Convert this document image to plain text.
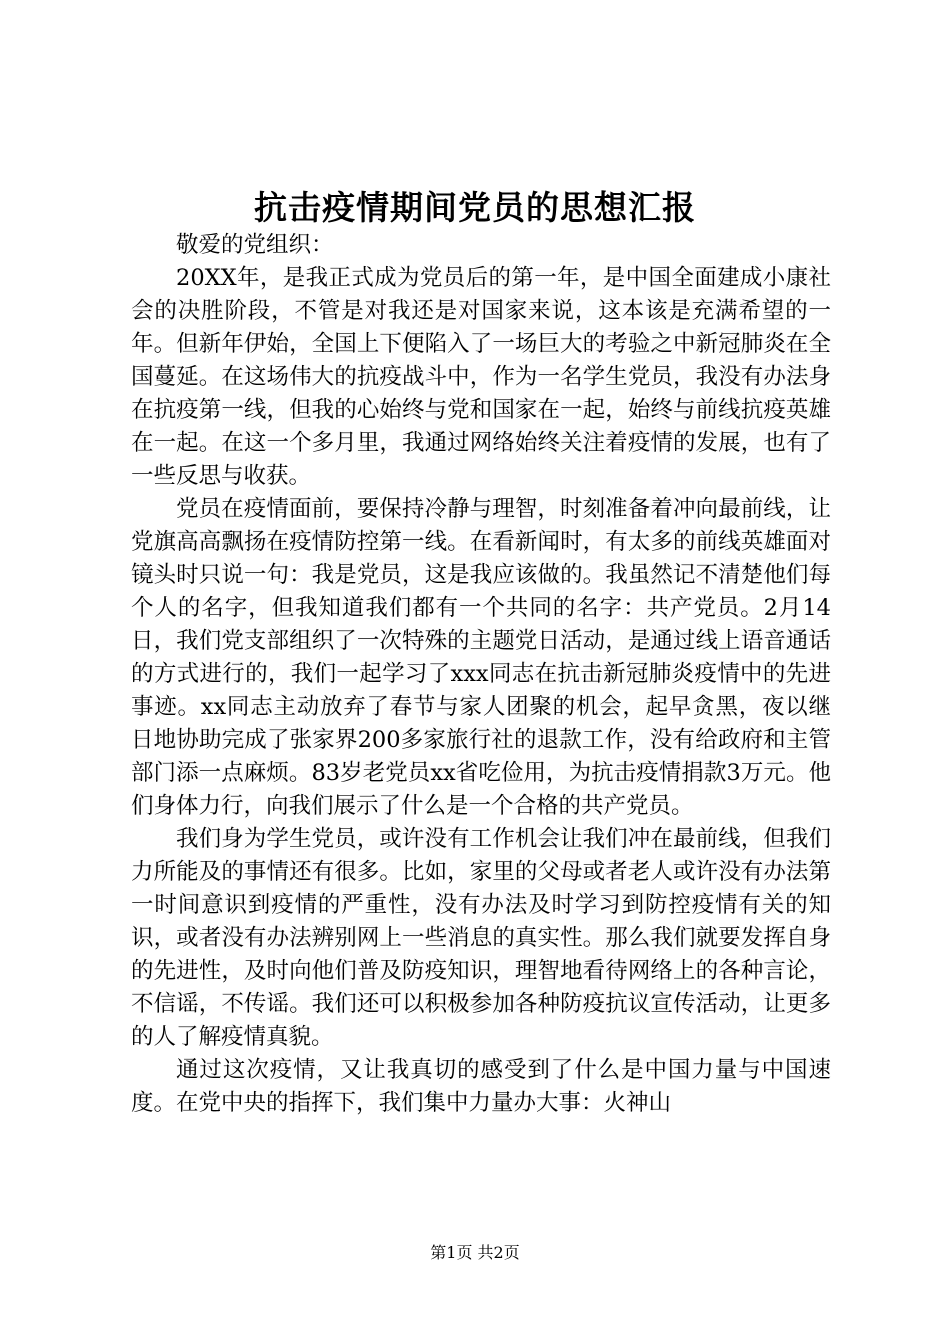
抗击疫情期间党员的思想汇报

敬爱的党组织：

20XX年，是我正式成为党员后的第一年，是中国全面建成小康社会的决胜阶段，不管是对我还是对国家来说，这本该是充满希望的一年。但新年伊始，全国上下便陷入了一场巨大的考验之中新冠肺炎在全国蔓延。在这场伟大的抗疫战斗中，作为一名学生党员，我没有办法身在抗疫第一线，但我的心始终与党和国家在一起，始终与前线抗疫英雄在一起。在这一个多月里，我通过网络始终关注着疫情的发展，也有了一些反思与收获。

党员在疫情面前，要保持冷静与理智，时刻准备着冲向最前线，让党旗高高飘扬在疫情防控第一线。在看新闻时，有太多的前线英雄面对镜头时只说一句：我是党员，这是我应该做的。我虽然记不清楚他们每个人的名字，但我知道我们都有一个共同的名字：共产党员。2月14日，我们党支部组织了一次特殊的主题党日活动，是通过线上语音通话的方式进行的，我们一起学习了xxx同志在抗击新冠肺炎疫情中的先进事迹。xx同志主动放弃了春节与家人团聚的机会，起早贪黑，夜以继日地协助完成了张家界200多家旅行社的退款工作，没有给政府和主管部门添一点麻烦。83岁老党员xx省吃俭用，为抗击疫情捐款3万元。他们身体力行，向我们展示了什么是一个合格的共产党员。

我们身为学生党员，或许没有工作机会让我们冲在最前线，但我们力所能及的事情还有很多。比如，家里的父母或者老人或许没有办法第一时间意识到疫情的严重性，没有办法及时学习到防控疫情有关的知识，或者没有办法辨别网上一些消息的真实性。那么我们就要发挥自身的先进性，及时向他们普及防疫知识，理智地看待网络上的各种言论，不信谣，不传谣。我们还可以积极参加各种防疫抗议宣传活动，让更多的人了解疫情真貌。

通过这次疫情，又让我真切的感受到了什么是中国力量与中国速度。在党中央的指挥下，我们集中力量办大事：火神山

第1页 共2页
